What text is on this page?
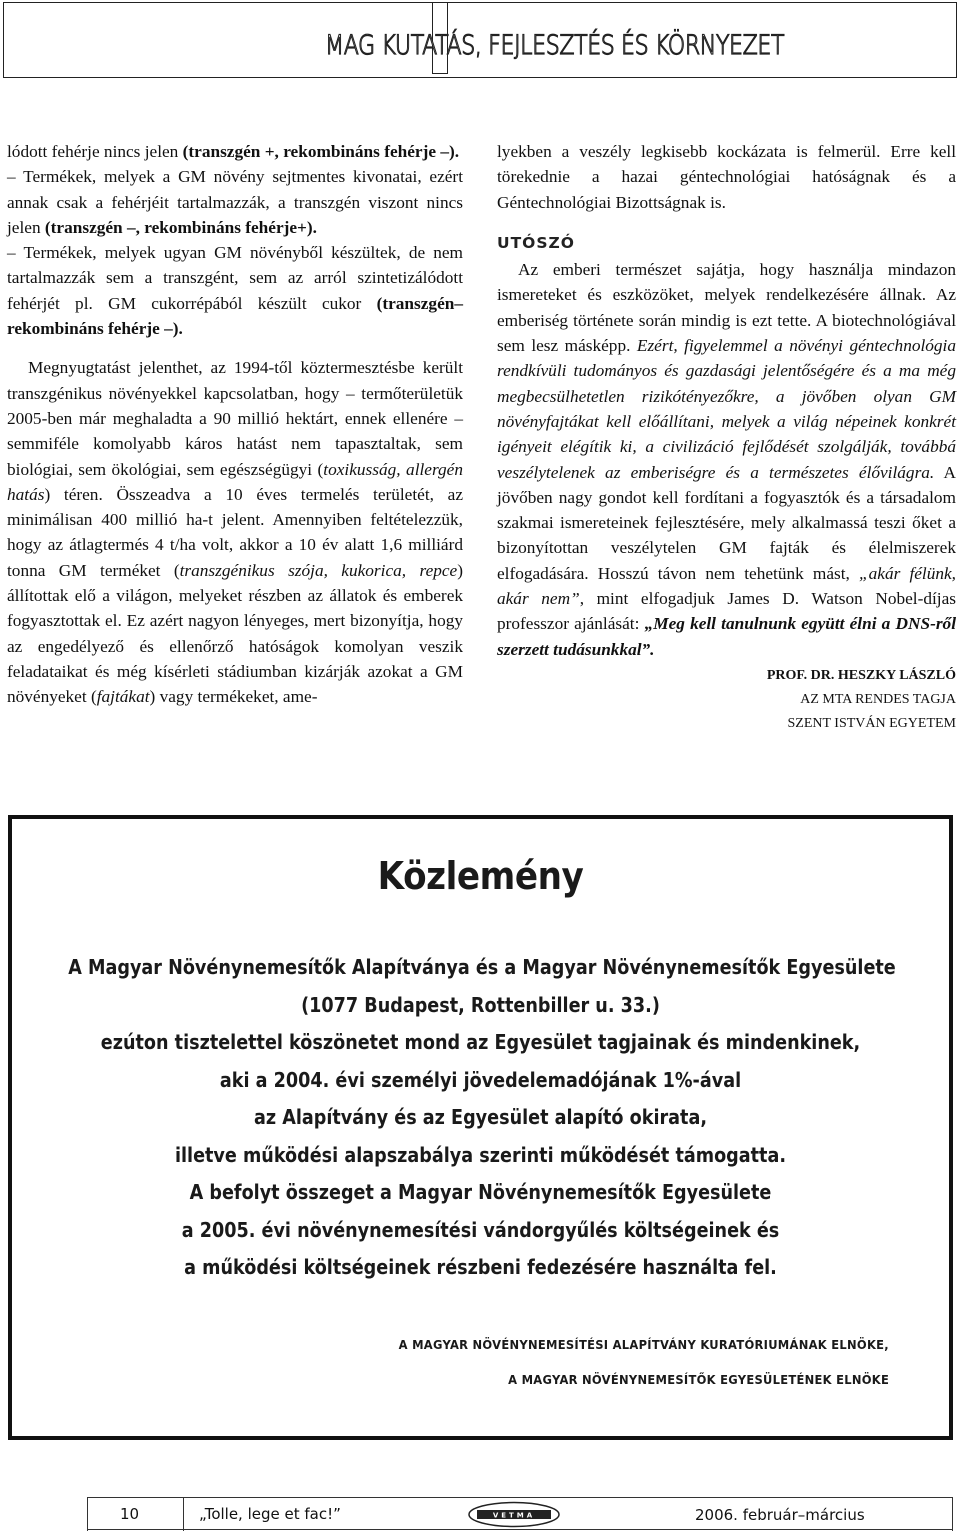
MAG KUTATÁS, FEJLESZTÉS ÉS KÖRNYEZET

lódott fehérje nincs jelen (transzgén +, rekombináns fehérje –).

– Termékek, melyek a GM növény sejtmentes kivonatai, ezért annak csak a fehérjéit tartalmazzák, a transzgén viszont nincs jelen (transzgén –, rekombináns fehérje+).

– Termékek, melyek ugyan GM növényből készültek, de nem tartalmazzák sem a transzgént, sem az arról szintetizálódott fehérjét pl. GM cukorrépából készült cukor (transzgén– rekombináns fehérje –).

Megnyugtatást jelenthet, az 1994-től köztermesztésbe került transzgénikus növényekkel kapcsolatban, hogy – termőterületük 2005-ben már meghaladta a 90 millió hektárt, ennek ellenére – semmiféle komolyabb káros hatást nem tapasztaltak, sem biológiai, sem ökológiai, sem egészségügyi (toxikusság, allergén hatás) téren. Összeadva a 10 éves termelés területét, az minimálisan 400 millió ha-t jelent. Amennyiben feltételezzük, hogy az átlagtermés 4 t/ha volt, akkor a 10 év alatt 1,6 milliárd tonna GM terméket (transzgénikus szója, kukorica, repce) állítottak elő a világon, melyeket részben az állatok és emberek fogyasztottak el. Ez azért nagyon lényeges, mert bizonyítja, hogy az engedélyező és ellenőrző hatóságok komolyan veszik feladataikat és még kísérleti stádiumban kizárják azokat a GM növényeket (fajtákat) vagy termékeket, ame-

lyekben a veszély legkisebb kockázata is felmerül. Erre kell törekednie a hazai géntechnológiai hatóságnak és a Géntechnológiai Bizottságnak is.

UTÓSZÓ

Az emberi természet sajátja, hogy használja mindazon ismereteket és eszközöket, melyek rendelkezésére állnak. Az emberiség története során mindig is ezt tette. A biotechnológiával sem lesz másképp. Ezért, figyelemmel a növényi géntechnológia rendkívüli tudományos és gazdasági jelentőségére és a ma még megbecsülhetetlen rizikótényezőkre, a jövőben olyan GM növényfajtákat kell előállítani, melyek a világ népeinek konkrét igényeit elégítik ki, a civilizáció fejlődését szolgálják, továbbá veszélytelenek az emberiségre és a természetes élővilágra. A jövőben nagy gondot kell fordítani a fogyasztók és a társadalom szakmai ismereteinek fejlesztésére, mely alkalmassá teszi őket a bizonyítottan veszélytelen GM fajták és élelmiszerek elfogadására. Hosszú távon nem tehetünk mást, „akár félünk, akár nem”, mint elfogadjuk James D. Watson Nobel-díjas professzor ajánlását: „Meg kell tanulnunk együtt élni a DNS-ről szerzett tudásunkkal”.

PROF. DR. HESZKY LÁSZLÓ
AZ MTA RENDES TAGJA
SZENT ISTVÁN EGYETEM
Közlemény
A Magyar Növénynemesítők Alapítványa és a Magyar Növénynemesítők Egyesülete
(1077 Budapest, Rottenbiller u. 33.)
ezúton tisztelettel köszönetet mond az Egyesület tagjainak és mindenkinek,
aki a 2004. évi személyi jövedelemadójának 1%-ával
az Alapítvány és az Egyesület alapító okirata,
illetve működési alapszabálya szerinti működését támogatta.
A befolyt összeget a Magyar Növénynemesítők Egyesülete
a 2005. évi növénynemesítési vándorgyűlés költségeinek és
a működési költségeinek részbeni fedezésére használta fel.
A MAGYAR NÖVÉNYNEMESÍTÉSI ALAPÍTVÁNY KURATÓRIUMÁNAK ELNÖKE,
A MAGYAR NÖVÉNYNEMESÍTŐK EGYESÜLETÉNEK ELNÖKE
10	„Tolle, lege et fac!”	VETMA	2006. február–március
